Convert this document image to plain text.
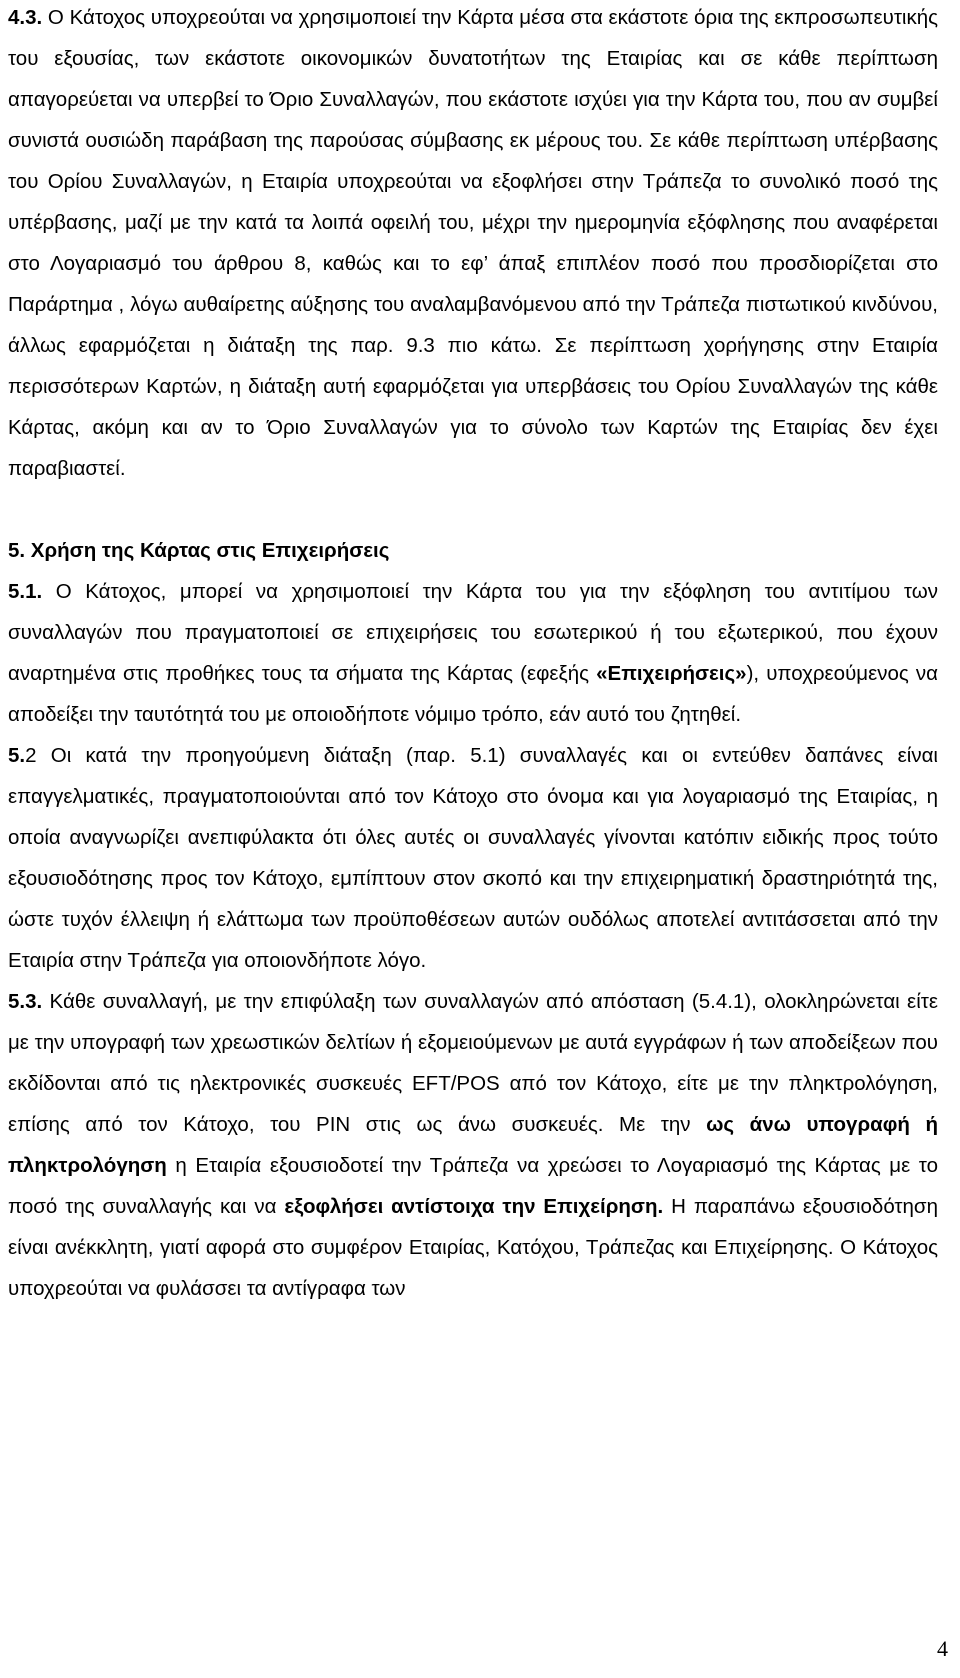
4.3. Ο Κάτοχος υποχρεούται να χρησιμοποιεί την Κάρτα μέσα στα εκάστοτε όρια της εκπροσωπευτικής του εξουσίας, των εκάστοτε οικονομικών δυνατοτήτων της Εταιρίας και σε κάθε περίπτωση απαγορεύεται να υπερβεί το Όριο Συναλλαγών, που εκάστοτε ισχύει για την Κάρτα του, που αν συμβεί συνιστά ουσιώδη παράβαση της παρούσας σύμβασης εκ μέρους του. Σε κάθε περίπτωση υπέρβασης του Ορίου Συναλλαγών, η Εταιρία υποχρεούται να εξοφλήσει στην Τράπεζα το συνολικό ποσό της υπέρβασης, μαζί με την κατά τα λοιπά οφειλή του, μέχρι την ημερομηνία εξόφλησης που αναφέρεται στο Λογαριασμό του άρθρου 8, καθώς και το εφ’ άπαξ επιπλέον ποσό που προσδιορίζεται στο Παράρτημα , λόγω αυθαίρετης αύξησης του αναλαμβανόμενου από την Τράπεζα πιστωτικού κινδύνου, άλλως εφαρμόζεται η διάταξη της παρ. 9.3 πιο κάτω. Σε περίπτωση χορήγησης στην Εταιρία περισσότερων Καρτών, η διάταξη αυτή εφαρμόζεται για υπερβάσεις του Ορίου Συναλλαγών της κάθε Κάρτας, ακόμη και αν το Όριο Συναλλαγών για το σύνολο των Καρτών της Εταιρίας δεν έχει παραβιαστεί.

5. Χρήση της Κάρτας στις Επιχειρήσεις

5.1. Ο Κάτοχος, μπορεί να χρησιμοποιεί την Κάρτα του για την εξόφληση του αντιτίμου των συναλλαγών που πραγματοποιεί σε επιχειρήσεις του εσωτερικού ή του εξωτερικού, που έχουν αναρτημένα στις προθήκες τους τα σήματα της Κάρτας (εφεξής «Επιχειρήσεις»), υποχρεούμενος να αποδείξει την ταυτότητά του με οποιοδήποτε νόμιμο τρόπο, εάν αυτό του ζητηθεί.

5.2 Οι κατά την προηγούμενη διάταξη (παρ. 5.1) συναλλαγές και οι εντεύθεν δαπάνες είναι επαγγελματικές, πραγματοποιούνται από τον Κάτοχο στο όνομα και για λογαριασμό της Εταιρίας, η οποία αναγνωρίζει ανεπιφύλακτα ότι όλες αυτές οι συναλλαγές γίνονται κατόπιν ειδικής προς τούτο εξουσιοδότησης προς τον Κάτοχο, εμπίπτουν στον σκοπό και την επιχειρηματική δραστηριότητά της, ώστε τυχόν έλλειψη ή ελάττωμα των προϋποθέσεων αυτών ουδόλως αποτελεί αντιτάσσεται από την Εταιρία στην Τράπεζα για οποιονδήποτε λόγο.

5.3. Κάθε συναλλαγή, με την επιφύλαξη των συναλλαγών από απόσταση (5.4.1), ολοκληρώνεται είτε με την υπογραφή των χρεωστικών δελτίων ή εξομειούμενων με αυτά εγγράφων ή των αποδείξεων που εκδίδονται από τις ηλεκτρονικές συσκευές EFT/POS από τον Κάτοχο, είτε με την πληκτρολόγηση, επίσης από τον Κάτοχο, του PIN στις ως άνω συσκευές. Με την ως άνω υπογραφή ή πληκτρολόγηση η Εταιρία εξουσιοδοτεί την Τράπεζα να χρεώσει το Λογαριασμό της Κάρτας με το ποσό της συναλλαγής και να εξοφλήσει αντίστοιχα την Επιχείρηση. Η παραπάνω εξουσιοδότηση είναι ανέκκλητη, γιατί αφορά στο συμφέρον Εταιρίας, Κατόχου, Τράπεζας και Επιχείρησης. Ο Κάτοχος υποχρεούται να φυλάσσει τα αντίγραφα των

4
